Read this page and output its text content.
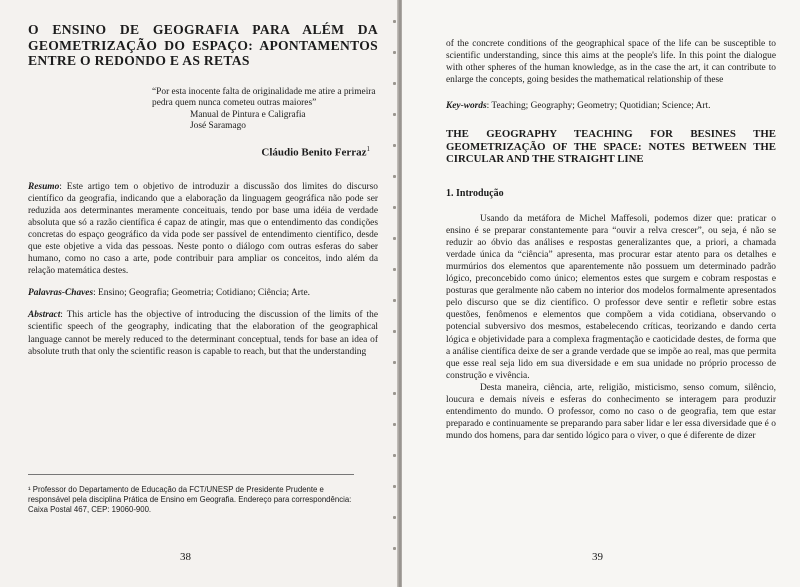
O ENSINO DE GEOGRAFIA PARA ALÉM DA GEOMETRIZAÇÃO DO ESPAÇO: APONTAMENTOS ENTRE O REDONDO E AS RETAS
“Por esta inocente falta de originalidade me atire a primeira pedra quem nunca cometeu outras maiores”
Manual de Pintura e Caligrafia
José Saramago
Cláudio Benito Ferraz$^1$

Resumo: Este artigo tem o objetivo de introduzir a discussão dos limites do discurso científico da geografia, indicando que a elaboração da linguagem geográfica não pode ser reduzida aos determinantes meramente conceituais, tendo por base uma idéia de verdade absoluta que só a razão científica é capaz de atingir, mas que o entendimento das condições concretas do espaço geográfico da vida pode ser passível de entendimento científico, desde que este objetive a vida das pessoas. Neste ponto o diálogo com outras esferas do saber humano, como no caso a arte, pode contribuir para ampliar os conceitos, indo além da relação matemática destes.

Palavras-Chaves: Ensino; Geografia; Geometria; Cotidiano; Ciência; Arte.

Abstract: This article has the objective of introducing the discussion of the limits of the scientific speech of the geography, indicating that the elaboration of the geographical language cannot be merely reduced to the determinant conceptual, tends for base an idea of absolute truth that only the scientific reason is capable to reach, but that the understanding

¹ Professor do Departamento de Educação da FCT/UNESP de Presidente Prudente e responsável pela disciplina Prática de Ensino em Geografia. Endereço para correspondência: Caixa Postal 467, CEP: 19060-900.
38

of the concrete conditions of the geographical space of the life can be susceptible to scientific understanding, since this aims at the people's life. In this point the dialogue with other spheres of the human knowledge, as in the case the art, it can contribute to enlarge the concepts, going besides the mathematical relationship of these

Key-words: Teaching; Geography; Geometry; Quotidian; Science; Art.

THE GEOGRAPHY TEACHING FOR BESINES THE GEOMETRIZAÇÃO OF THE SPACE: NOTES BETWEEN THE CIRCULAR AND THE STRAIGHT LINE
1. Introdução

Usando da metáfora de Michel Maffesoli, podemos dizer que: praticar o ensino é se preparar constantemente para “ouvir a relva crescer”, ou seja, é não se reduzir ao óbvio das análises e respostas generalizantes que, a priori, a chamada verdade única da “ciência” apresenta, mas procurar estar atento para os detalhes e murmúrios dos elementos que aparentemente não possuem um determinado padrão lógico, preconcebido como único; elementos estes que surgem e cobram respostas e posturas que geralmente não cabem no interior dos modelos formalmente apresentados pelo discurso que se diz científico. O professor deve sentir e refletir sobre estas questões, fenômenos e elementos que compõem a vida cotidiana, observando o potencial subversivo dos mesmos, estabelecendo críticas, teorizando e dando certa lógica e objetividade para a complexa fragmentação e caoticidade destes, de forma que a análise científica deixe de ser a grande verdade que se impõe ao real, mas que permita que esse real seja lido em sua diversidade e em sua unidade no próprio processo de construção e vivência.

Desta maneira, ciência, arte, religião, misticismo, senso comum, silêncio, loucura e demais níveis e esferas do conhecimento se interagem para produzir entendimento do mundo. O professor, como no caso o de geografia, tem que estar preparado e continuamente se preparando para saber lidar e ler essa diversidade que é o mundo dos homens, para dar sentido lógico para o viver, o que é diferente de dizer

39
